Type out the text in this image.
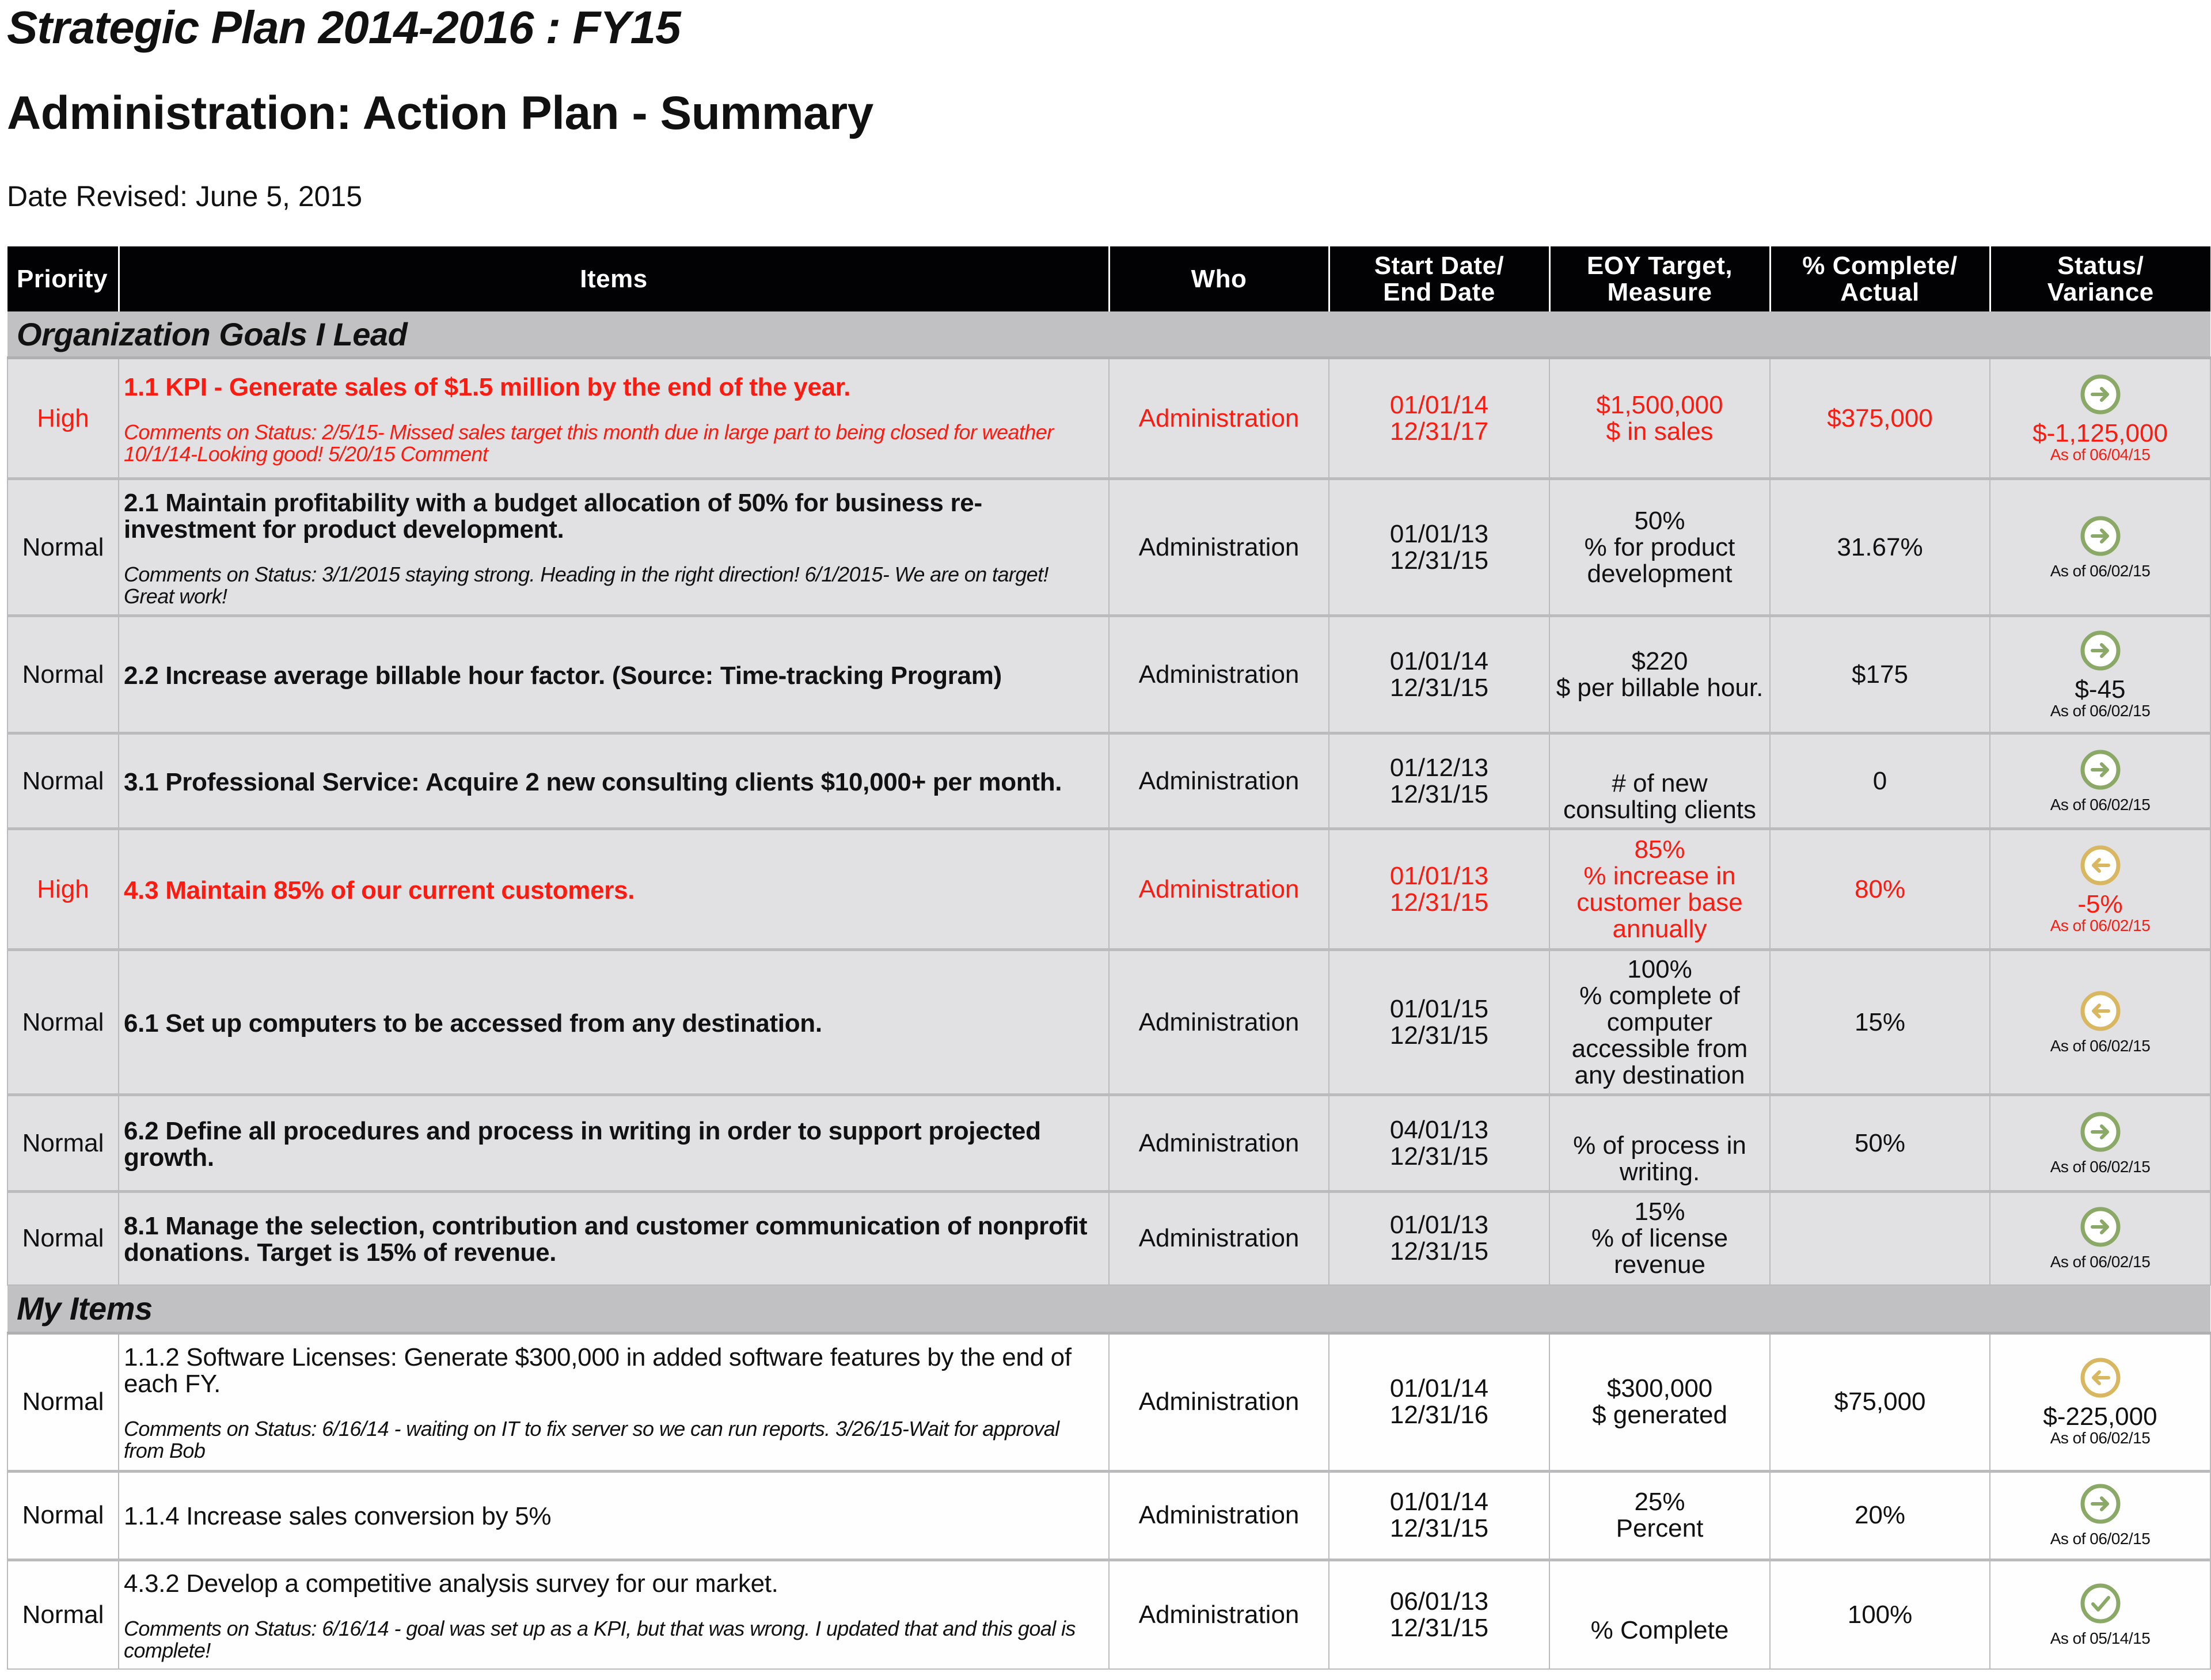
Strategic Plan 2014-2016 : FY15
Administration: Action Plan - Summary
Date Revised: June 5, 2015
Priority	Items	Who	Start Date/
End Date	EOY Target,
Measure	% Complete/
Actual	Status/
Variance

Organization Goals I Lead						
High	1.1 KPI - Generate sales of $1.5 million by the end of the year.
Comments on Status: 2/5/15- Missed sales target this month due in large part to being closed for weather 10/1/14-Looking good! 5/20/15 Comment	Administration	01/01/14
12/31/17	$1,500,000
$ in sales	$375,000	$-1,125,000
As of 06/04/15

Normal	2.1 Maintain profitability with a budget allocation of 50% for business re-investment for product development.
Comments on Status: 3/1/2015 staying strong. Heading in the right direction! 6/1/2015- We are on target! Great work!	Administration	01/01/13
12/31/15	50%
% for product development	31.67%	As of 06/02/15

Normal	2.2 Increase average billable hour factor. (Source: Time-tracking Program)	Administration	01/01/14
12/31/15	$220
$ per billable hour.	$175	$-45
As of 06/02/15

Normal	3.1 Professional Service: Acquire 2 new consulting clients $10,000+ per month.	Administration	01/12/13
12/31/15	# of new consulting clients	0	As of 06/02/15

High	4.3 Maintain 85% of our current customers.	Administration	01/01/13
12/31/15	85%
% increase in customer base annually	80%	-5%
As of 06/02/15

Normal	6.1 Set up computers to be accessed from any destination.	Administration	01/01/15
12/31/15	100%
% complete of computer accessible from any destination	15%	As of 06/02/15

Normal	6.2 Define all procedures and process in writing in order to support projected growth.	Administration	04/01/13
12/31/15	% of process in writing.	50%	As of 06/02/15

Normal	8.1 Manage the selection, contribution and customer communication of nonprofit donations. Target is 15% of revenue.	Administration	01/01/13
12/31/15	15%
% of license revenue		As of 06/02/15

My Items						
Normal	1.1.2 Software Licenses: Generate $300,000 in added software features by the end of each FY.
Comments on Status: 6/16/14 - waiting on IT to fix server so we can run reports. 3/26/15-Wait for approval from Bob	Administration	01/01/14
12/31/16	$300,000
$ generated	$75,000	$-225,000
As of 06/02/15

Normal	1.1.4 Increase sales conversion by 5%	Administration	01/01/14
12/31/15	25%
Percent	20%	As of 06/02/15

Normal	4.3.2 Develop a competitive analysis survey for our market.
Comments on Status: 6/16/14 - goal was set up as a KPI, but that was wrong. I updated that and this goal is complete!	Administration	06/01/13
12/31/15	% Complete	100%	As of 05/14/15
